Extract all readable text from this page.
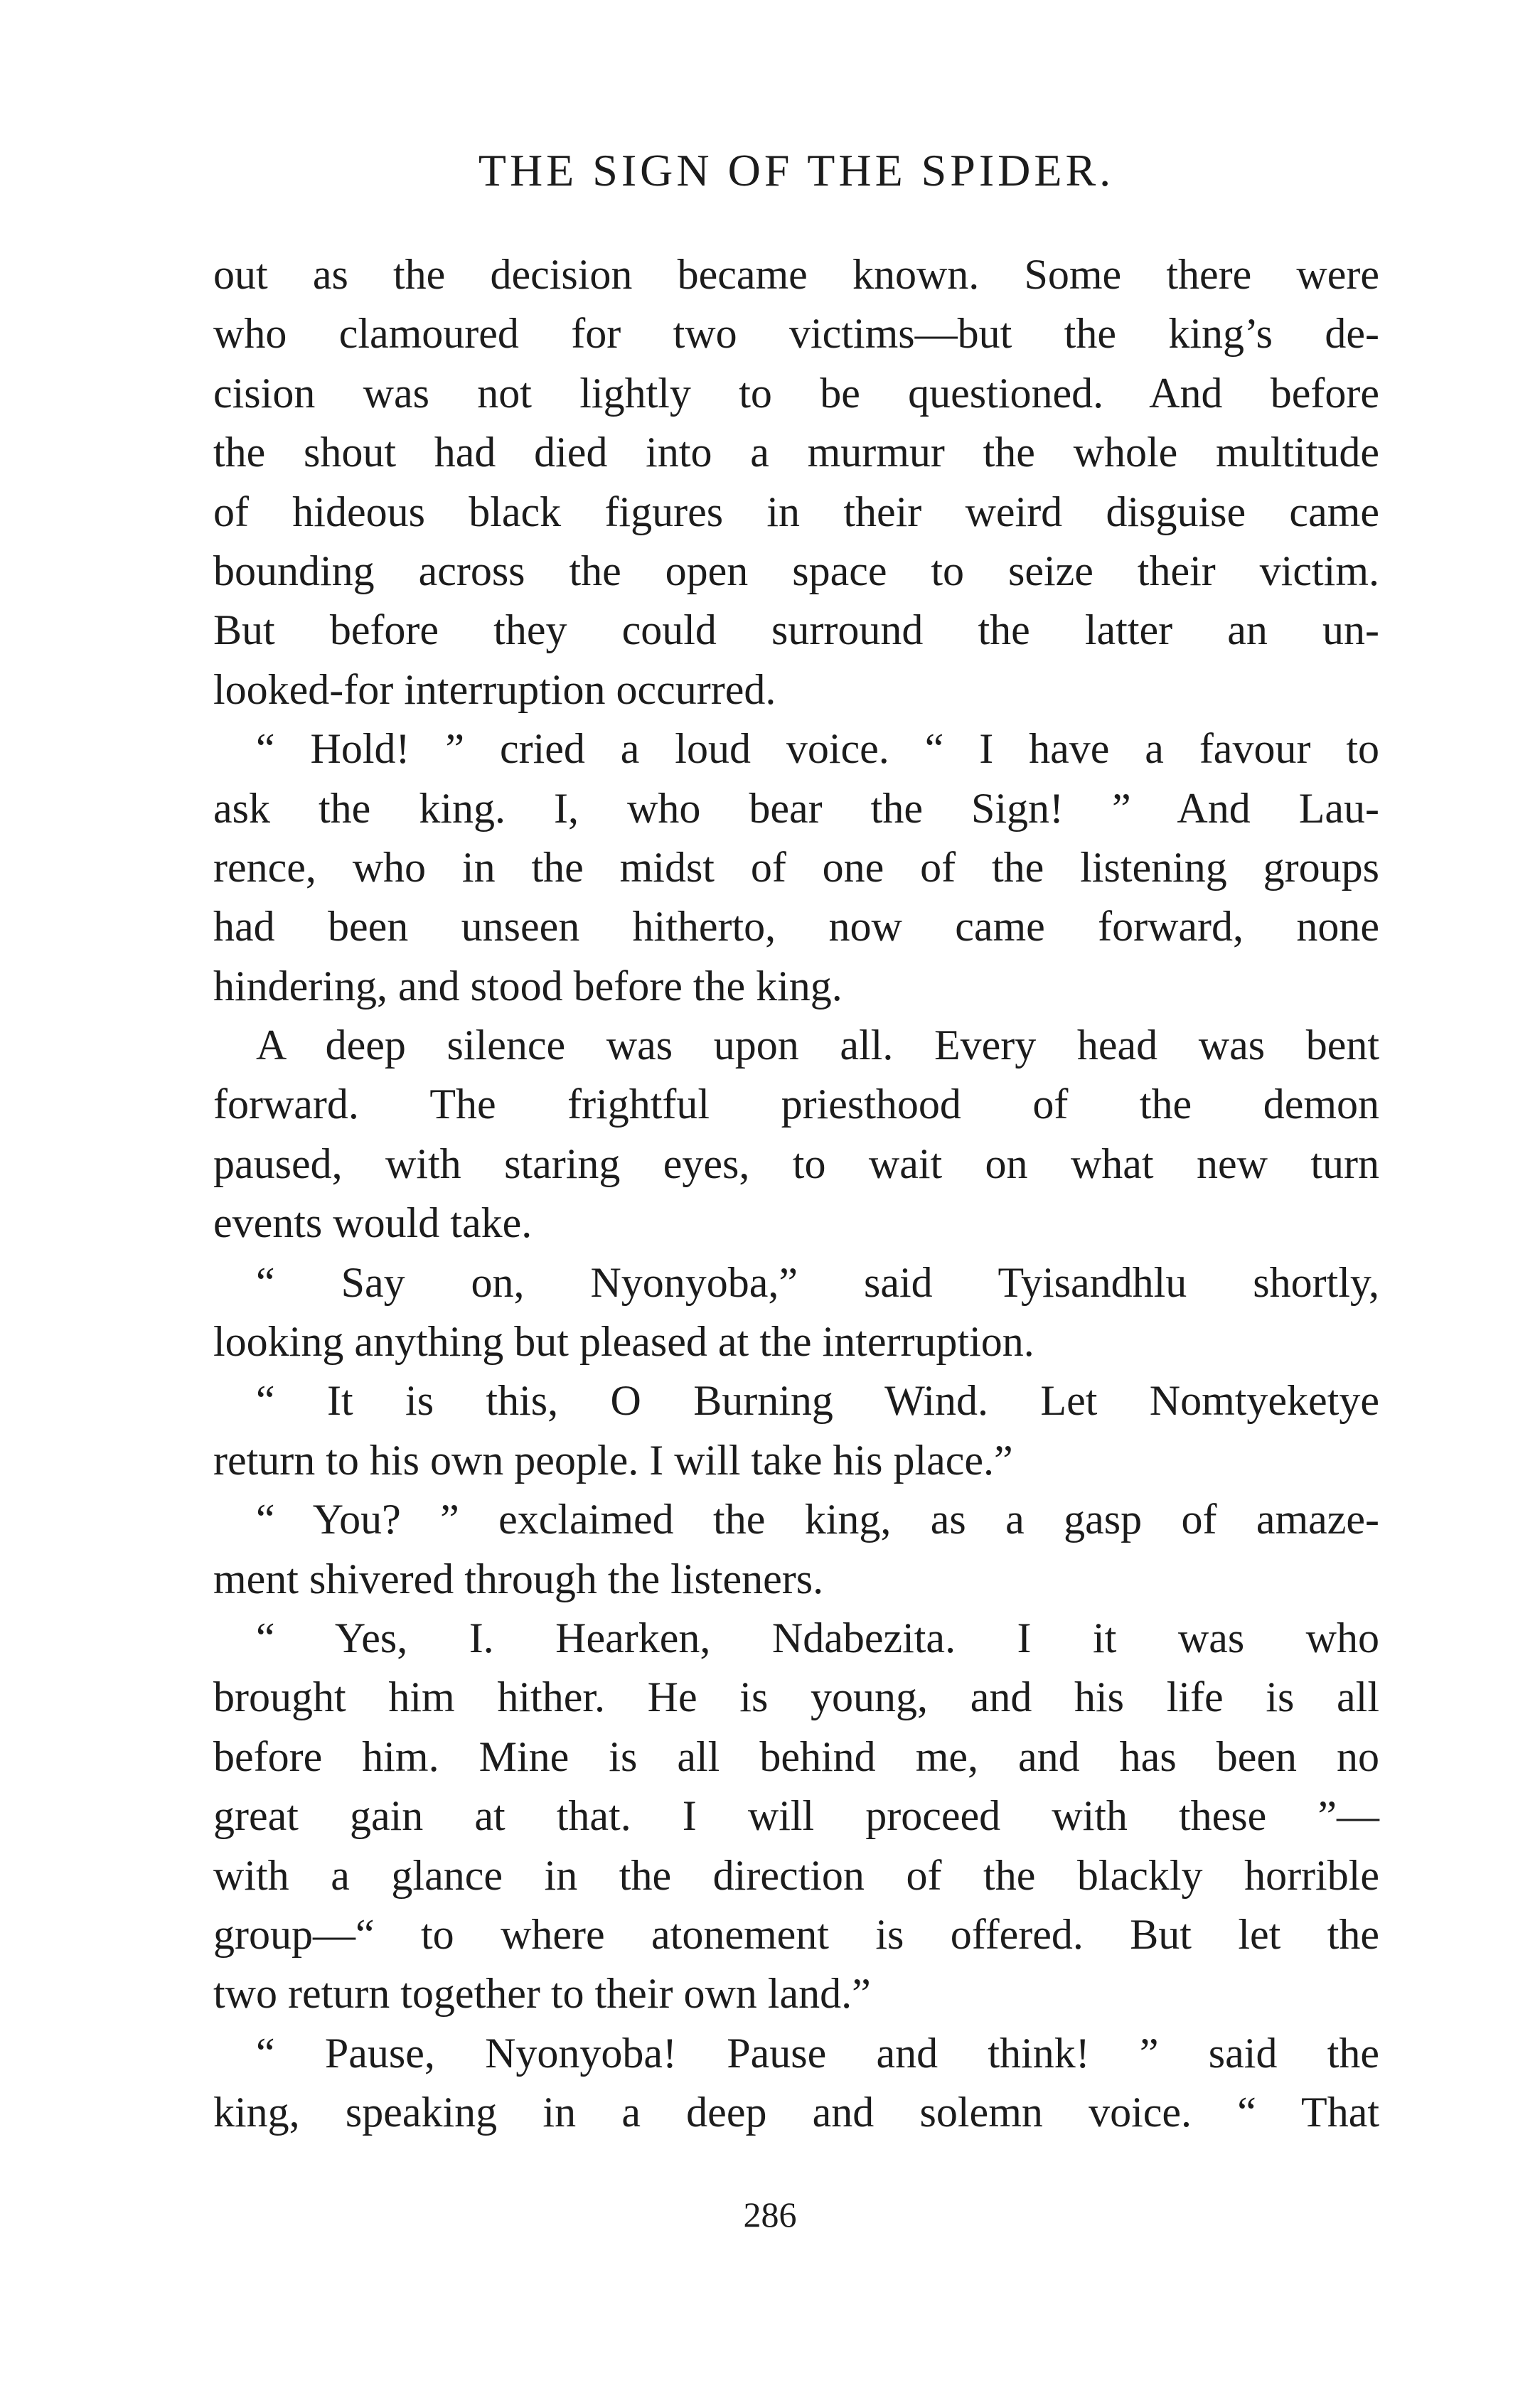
THE SIGN OF THE SPIDER.
out as the decision became known. Some there were
who clamoured for two victims—but the king’s de-
cision was not lightly to be questioned. And before
the shout had died into a murmur the whole multitude
of hideous black figures in their weird disguise came
bounding across the open space to seize their victim.
But before they could surround the latter an un-
looked-for interruption occurred.
“ Hold! ” cried a loud voice. “ I have a favour to
ask the king. I, who bear the Sign! ” And Lau-
rence, who in the midst of one of the listening groups
had been unseen hitherto, now came forward, none
hindering, and stood before the king.
A deep silence was upon all. Every head was bent
forward. The frightful priesthood of the demon
paused, with staring eyes, to wait on what new turn
events would take.
“ Say on, Nyonyoba,” said Tyisandhlu shortly,
looking anything but pleased at the interruption.
“ It is this, O Burning Wind. Let Nomtyeketye
return to his own people. I will take his place.”
“ You? ” exclaimed the king, as a gasp of amaze-
ment shivered through the listeners.
“ Yes, I. Hearken, Ndabezita. I it was who
brought him hither. He is young, and his life is all
before him. Mine is all behind me, and has been no
great gain at that. I will proceed with these ”—
with a glance in the direction of the blackly horrible
group—“ to where atonement is offered. But let the
two return together to their own land.”
“ Pause, Nyonyoba! Pause and think! ” said the
king, speaking in a deep and solemn voice. “ That

286
